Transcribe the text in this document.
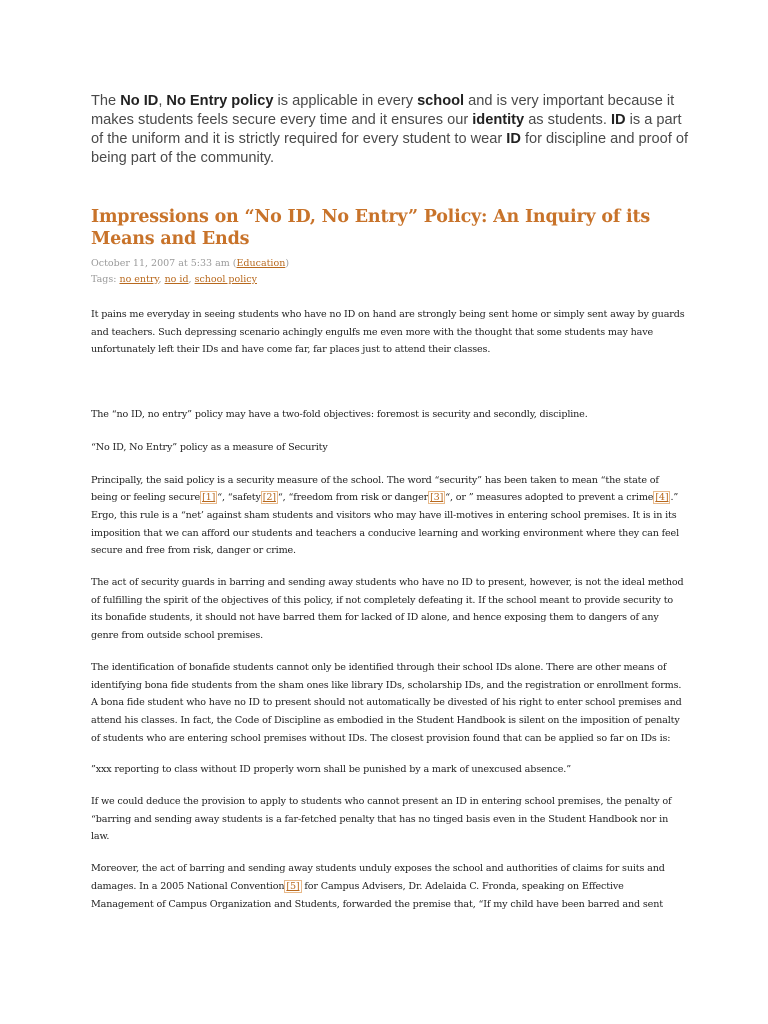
The No ID, No Entry policy is applicable in every school and is very important because it makes students feels secure every time and it ensures our identity as students. ID is a part of the uniform and it is strictly required for every student to wear ID for discipline and proof of being part of the community.

Impressions on “No ID, No Entry” Policy: An Inquiry of its Means and Ends
October 11, 2007 at 5:33 am (Education)
Tags: no entry, no id, school policy

It pains me everyday in seeing students who have no ID on hand are strongly being sent home or simply sent away by guards and teachers. Such depressing scenario achingly engulfs me even more with the thought that some students may have unfortunately left their IDs and have come far, far places just to attend their classes.

The “no ID, no entry” policy may have a two-fold objectives: foremost is security and secondly, discipline.

“No ID, No Entry” policy as a measure of Security

Principally, the said policy is a security measure of the school. The word “security” has been taken to mean “the state of being or feeling secure [1] “, “safety [2] “, “freedom from risk or danger [3] “, or ” measures adopted to prevent a crime [4] .” Ergo, this rule is a “net’ against sham students and visitors who may have ill-motives in entering school premises. It is in its imposition that we can afford our students and teachers a conducive learning and working environment where they can feel secure and free from risk, danger or crime.

The act of security guards in barring and sending away students who have no ID to present, however, is not the ideal method of fulfilling the spirit of the objectives of this policy, if not completely defeating it. If the school meant to provide security to its bonafide students, it should not have barred them for lacked of ID alone, and hence exposing them to dangers of any genre from outside school premises.

The identification of bonafide students cannot only be identified through their school IDs alone. There are other means of identifying bona fide students from the sham ones like library IDs, scholarship IDs, and the registration or enrollment forms. A bona fide student who have no ID to present should not automatically be divested of his right to enter school premises and attend his classes. In fact, the Code of Discipline as embodied in the Student Handbook is silent on the imposition of penalty of students who are entering school premises without IDs. The closest provision found that can be applied so far on IDs is:

”xxx reporting to class without ID properly worn shall be punished by a mark of unexcused absence.”

If we could deduce the provision to apply to students who cannot present an ID in entering school premises, the penalty of “barring and sending away students is a far-fetched penalty that has no tinged basis even in the Student Handbook nor in law.

Moreover, the act of barring and sending away students unduly exposes the school and authorities of claims for suits and damages. In a 2005 National Convention [5] for Campus Advisers, Dr. Adelaida C. Fronda, speaking on Effective Management of Campus Organization and Students, forwarded the premise that, “If my child have been barred and sent
